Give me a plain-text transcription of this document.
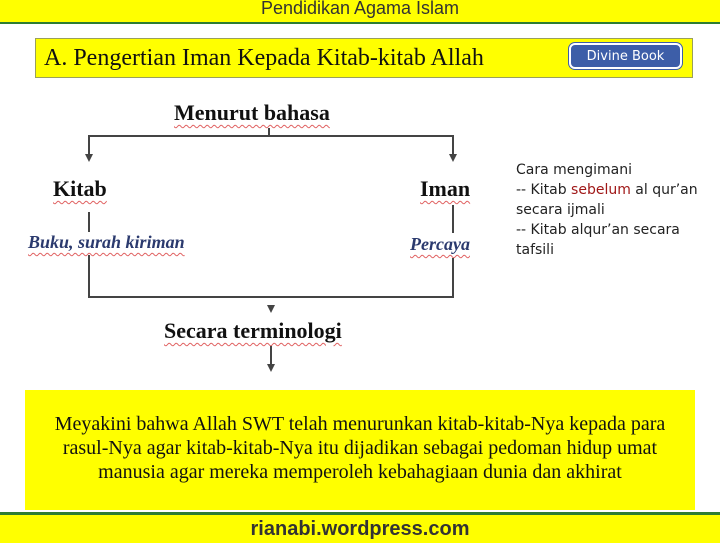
Pendidikan Agama Islam
A. Pengertian Iman Kepada Kitab-kitab Allah	Divine Book
Menurut bahasa
Kitab	Iman
Buku, surah kiriman	Percaya
Secara terminologi
Cara mengimani
-- Kitab sebelum al qur’an secara ijmali
-- Kitab alqur’an secara tafsili
Meyakini bahwa Allah SWT telah menurunkan kitab-kitab-Nya kepada para rasul-Nya agar kitab-kitab-Nya itu dijadikan sebagai pedoman hidup umat manusia agar mereka memperoleh kebahagiaan dunia dan akhirat
rianabi.wordpress.com
